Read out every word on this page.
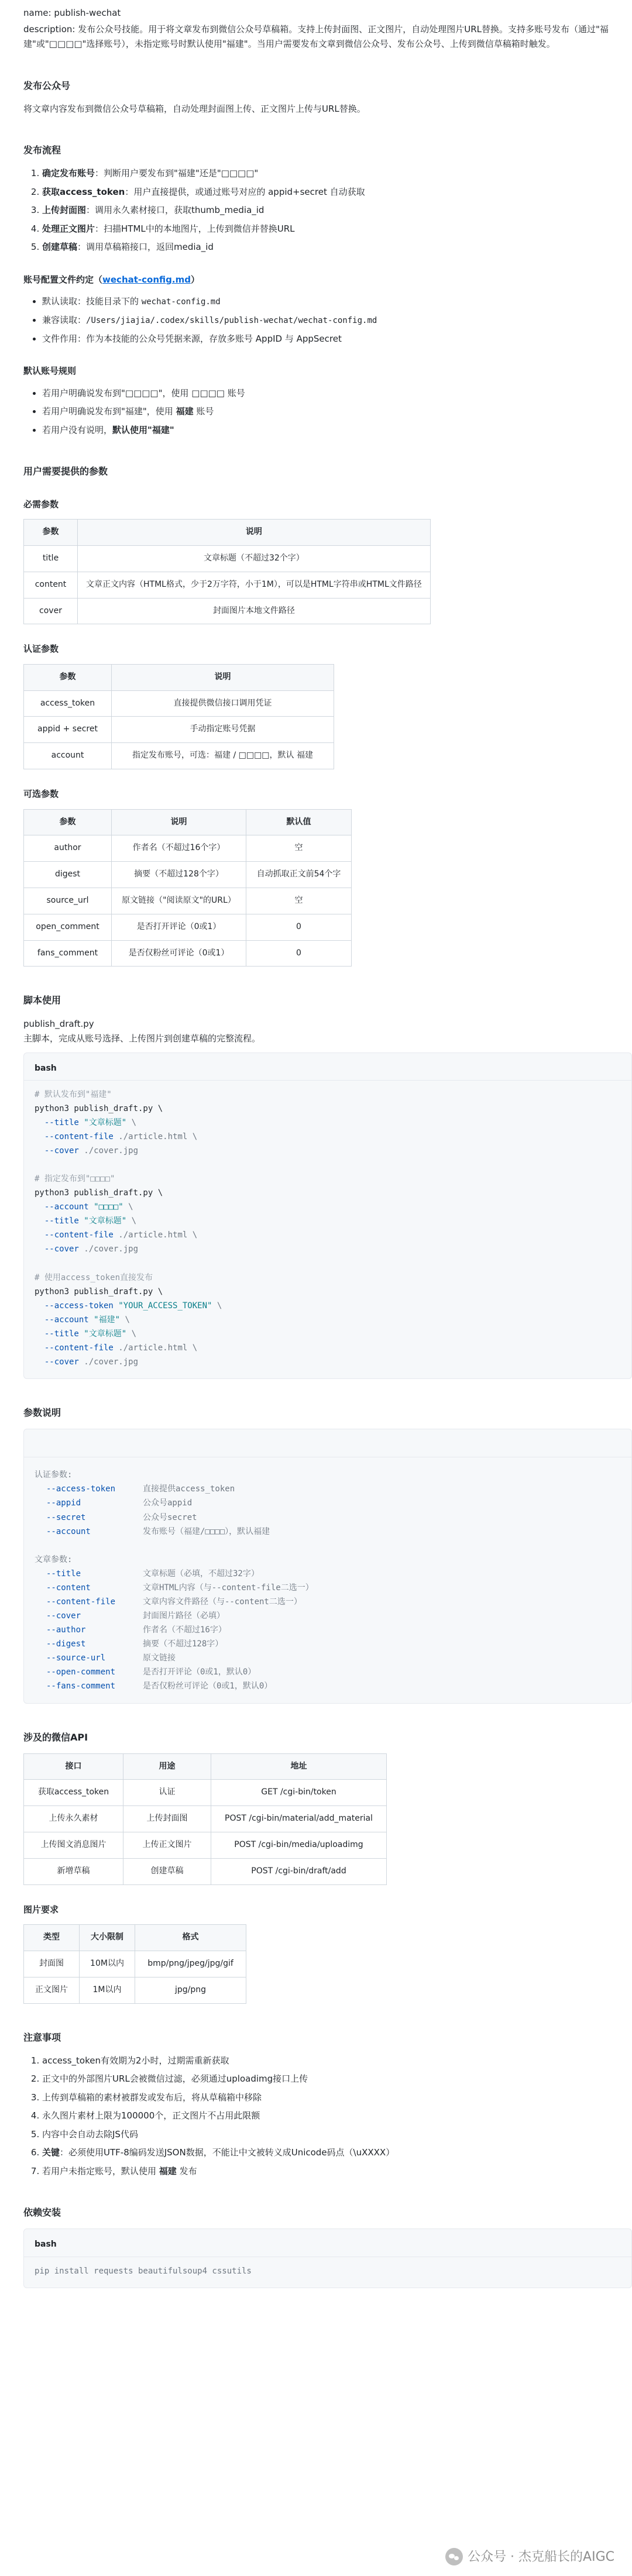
name: publish-wechat
description: 发布公众号技能。用于将文章发布到微信公众号草稿箱。支持上传封面图、正文图片，自动处理图片URL替换。支持多账号发布（通过"福建"或"□□□□"选择账号），未指定账号时默认使用"福建"。当用户需要发布文章到微信公众号、发布公众号、上传到微信草稿箱时触发。
发布公众号

将文章内容发布到微信公众号草稿箱，自动处理封面图上传、正文图片上传与URL替换。

发布流程
1. 确定发布账号：判断用户要发布到"福建"还是"□□□□"
2. 获取access_token：用户直接提供，或通过账号对应的 appid+secret 自动获取
3. 上传封面图：调用永久素材接口，获取thumb_media_id
4. 处理正文图片：扫描HTML中的本地图片，上传到微信并替换URL
5. 创建草稿：调用草稿箱接口，返回media_id
账号配置文件约定（wechat-config.md）
• 默认读取：技能目录下的 wechat-config.md
• 兼容读取：/Users/jiajia/.codex/skills/publish-wechat/wechat-config.md
• 文件作用：作为本技能的公众号凭据来源，存放多账号 AppID 与 AppSecret
默认账号规则
• 若用户明确说发布到"□□□□"，使用 □□□□ 账号
• 若用户明确说发布到"福建"，使用 福建 账号
• 若用户没有说明，默认使用"福建"
用户需要提供的参数
必需参数
参数	说明
title	文章标题（不超过32个字）
content	文章正文内容（HTML格式，少于2万字符，小于1M），可以是HTML字符串或HTML文件路径
cover	封面图片本地文件路径
认证参数
参数	说明
access_token	直接提供微信接口调用凭证
appid + secret	手动指定账号凭据
account	指定发布账号，可选：福建 / □□□□，默认 福建
可选参数
参数	说明	默认值
author	作者名（不超过16个字）	空
digest	摘要（不超过128个字）	自动抓取正文前54个字
source_url	原文链接（"阅读原文"的URL）	空
open_comment	是否打开评论（0或1）	0
fans_comment	是否仅粉丝可评论（0或1）	0
脚本使用
publish_draft.py
主脚本，完成从账号选择、上传图片到创建草稿的完整流程。
bash
# 默认发布到"福建"
python3 publish_draft.py \
--title "文章标题" \
--content-file ./article.html \
--cover ./cover.jpg

# 指定发布到"□□□□"
python3 publish_draft.py \
--account "□□□□" \
--title "文章标题" \
--content-file ./article.html \
--cover ./cover.jpg

# 使用access_token直接发布
python3 publish_draft.py \
--access-token "YOUR_ACCESS_TOKEN" \
--account "福建" \
--title "文章标题" \
--content-file ./article.html \
--cover ./cover.jpg

参数说明
认证参数:
--access-token	直接提供access_token
--appid	公众号appid
--secret	公众号secret
--account	发布账号（福建/□□□□），默认福建
文章参数:
--title	文章标题（必填，不超过32字）
--content	文章HTML内容（与--content-file二选一）
--content-file	文章内容文件路径（与--content二选一）
--cover	封面图片路径（必填）
--author	作者名（不超过16字）
--digest	摘要（不超过128字）
--source-url	原文链接
--open-comment	是否打开评论（0或1，默认0）
--fans-comment	是否仅粉丝可评论（0或1，默认0）
涉及的微信API
接口	用途	地址
获取access_token	认证	GET /cgi-bin/token
上传永久素材	上传封面图	POST /cgi-bin/material/add_material
上传图文消息图片	上传正文图片	POST /cgi-bin/media/uploadimg
新增草稿	创建草稿	POST /cgi-bin/draft/add
图片要求
类型	大小限制	格式
封面图	10M以内	bmp/png/jpeg/jpg/gif
正文图片	1M以内	jpg/png
注意事项
1. access_token有效期为2小时，过期需重新获取
2. 正文中的外部图片URL会被微信过滤，必须通过uploadimg接口上传
3. 上传到草稿箱的素材被群发或发布后，将从草稿箱中移除
4. 永久图片素材上限为100000个，正文图片不占用此限额
5. 内容中会自动去除JS代码
6. 关键：必须使用UTF-8编码发送JSON数据，不能让中文被转义成Unicode码点（\uXXXX）
7. 若用户未指定账号，默认使用 福建 发布
依赖安装
bash
pip install requests beautifulsoup4 cssutils
公众号 · 杰克船长的AIGC
